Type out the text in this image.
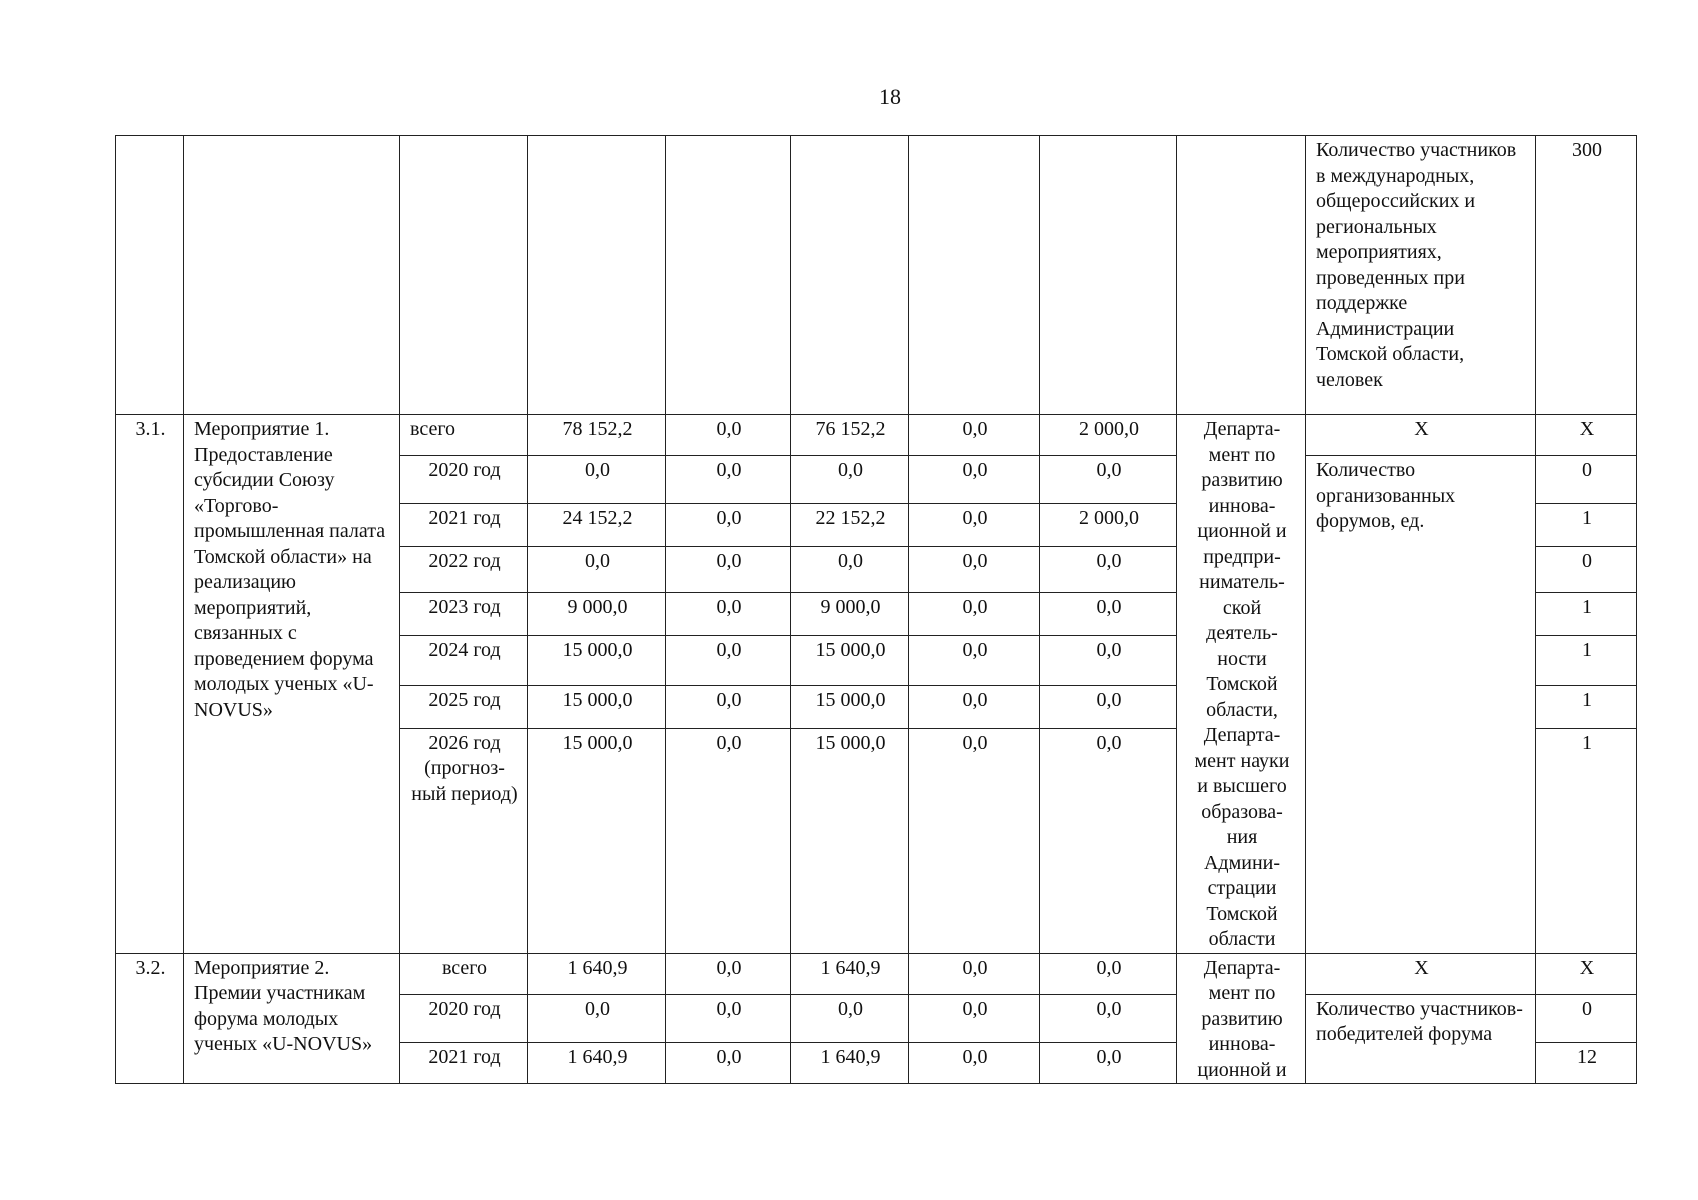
18
									Количество участников в международных, общероссийских и региональных мероприятиях, проведенных при поддержке Администрации Томской области, человек	300
3.1.	Мероприятие 1. Предоставление субсидии Союзу «Торгово-промышленная палата Томской области» на реализацию мероприятий, связанных с проведением форума молодых ученых «U-NOVUS»	всего	78 152,2	0,0	76 152,2	0,0	2 000,0	Департа-мент по развитию иннова-ционной и предпри-ниматель-ской деятель-ности Томской области, Департа-мент науки и высшего образова-ния Админи-страции Томской области	Х	Х
		2020 год	0,0	0,0	0,0	0,0	0,0		Количество организованных форумов, ед.	0
		2021 год	24 152,2	0,0	22 152,2	0,0	2 000,0			1
		2022 год	0,0	0,0	0,0	0,0	0,0			0
		2023 год	9 000,0	0,0	9 000,0	0,0	0,0			1
		2024 год	15 000,0	0,0	15 000,0	0,0	0,0			1
		2025 год	15 000,0	0,0	15 000,0	0,0	0,0			1
		2026 год (прогноз-ный период)	15 000,0	0,0	15 000,0	0,0	0,0			1
3.2.	Мероприятие 2. Премии участникам форума молодых ученых «U-NOVUS»	всего	1 640,9	0,0	1 640,9	0,0	0,0	Департа-мент по развитию иннова-ционной и	Х	Х
		2020 год	0,0	0,0	0,0	0,0	0,0		Количество участников-победителей форума	0
		2021 год	1 640,9	0,0	1 640,9	0,0	0,0			12
